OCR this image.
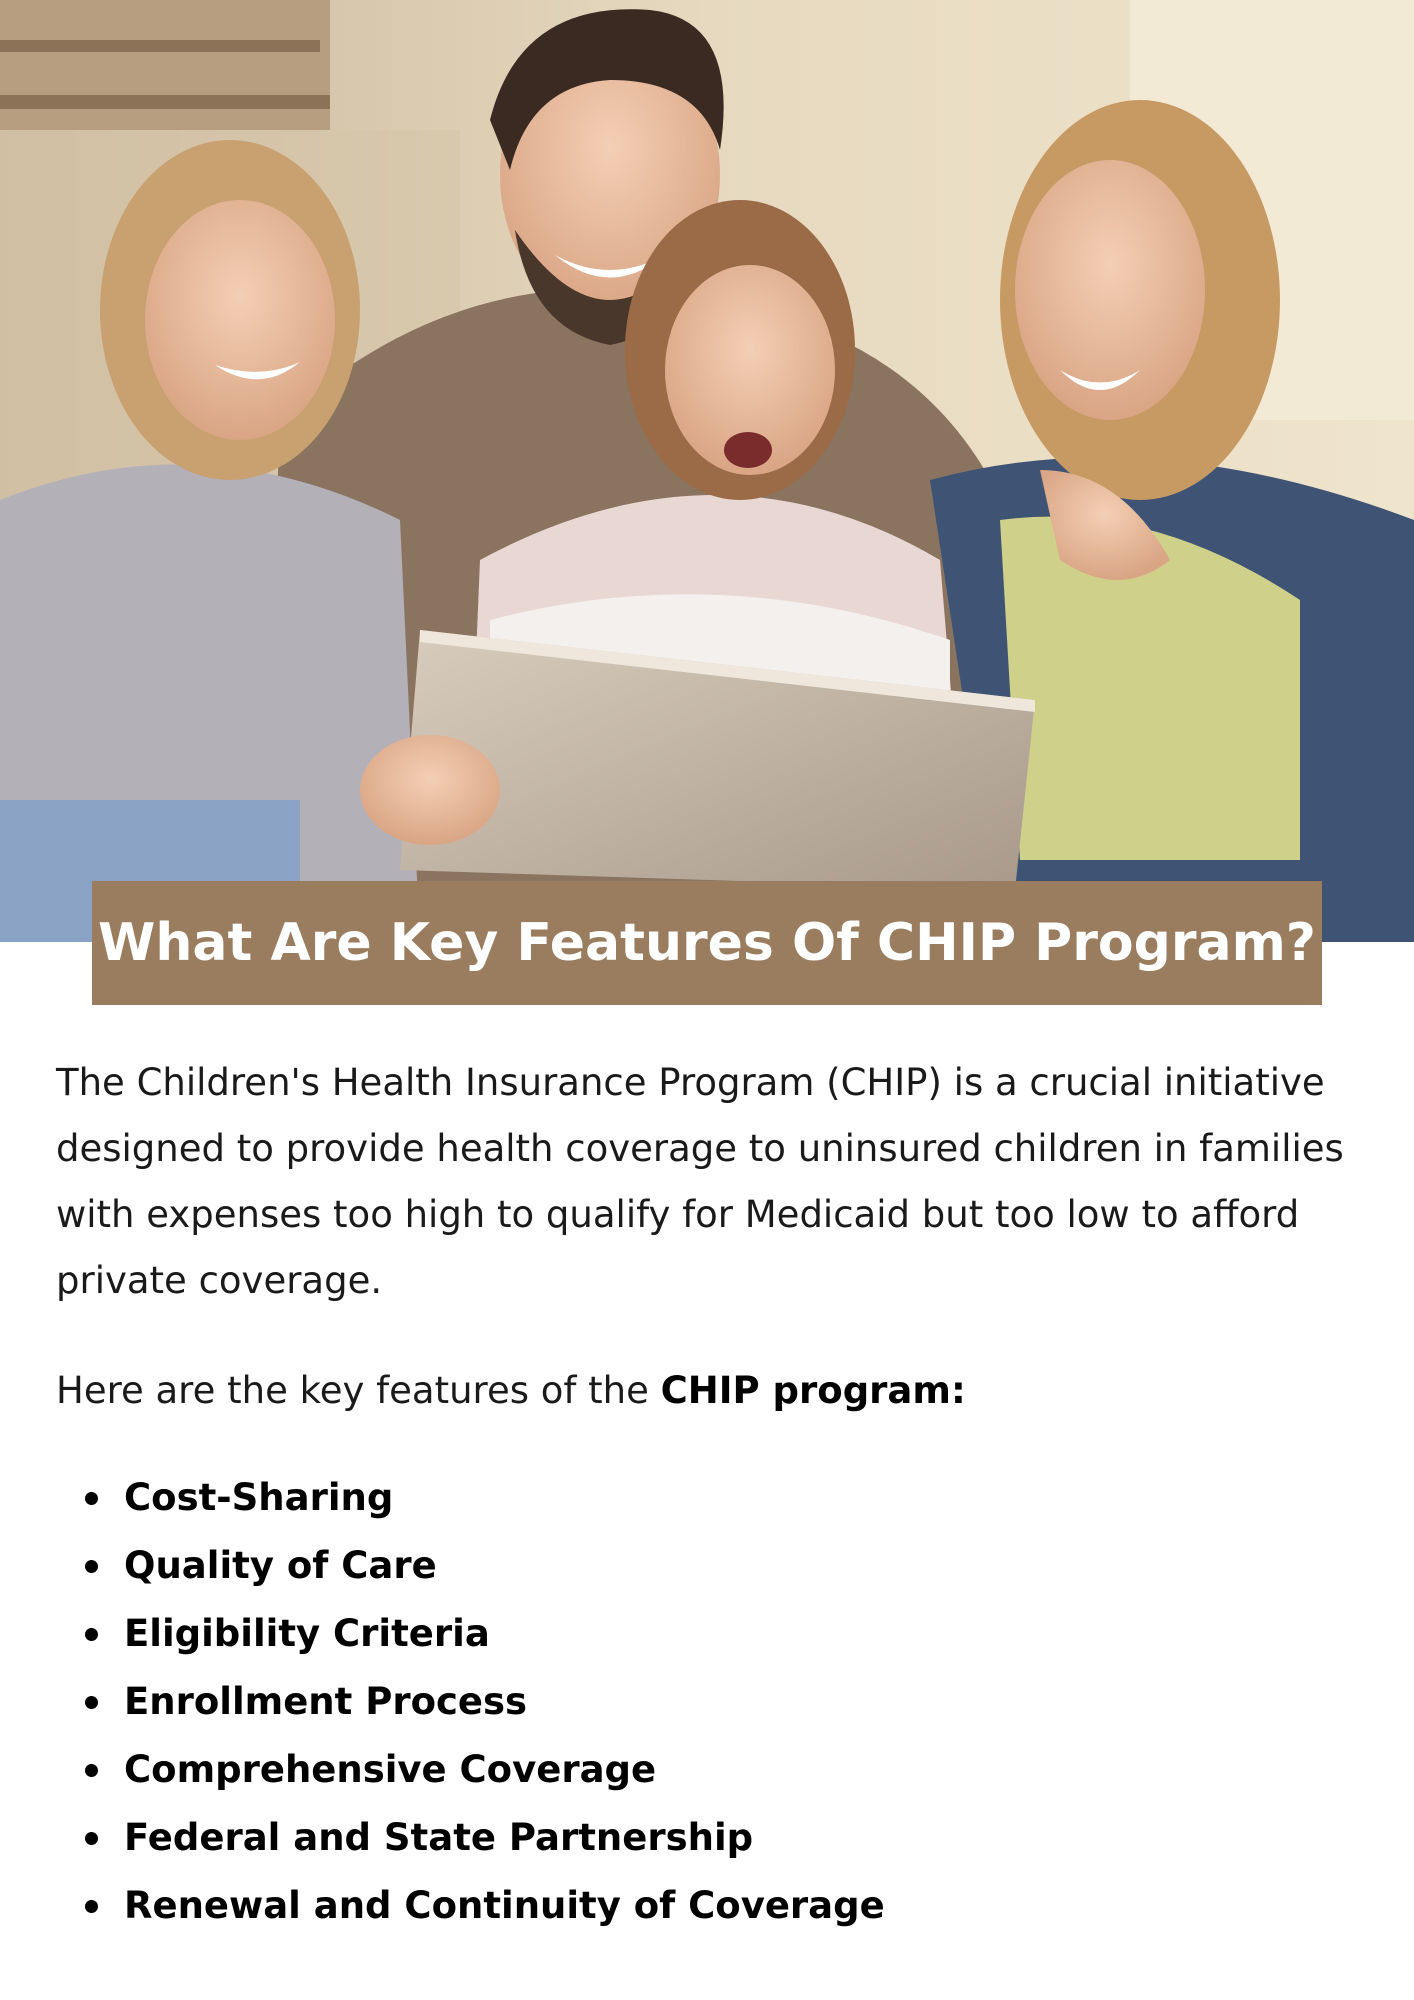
What Are Key Features Of CHIP Program?

The Children's Health Insurance Program (CHIP) is a crucial initiative designed to provide health coverage to uninsured children in families with expenses too high to qualify for Medicaid but too low to afford private coverage.

Here are the key features of the CHIP program:

Cost-Sharing
Quality of Care
Eligibility Criteria
Enrollment Process
Comprehensive Coverage
Federal and State Partnership
Renewal and Continuity of Coverage
